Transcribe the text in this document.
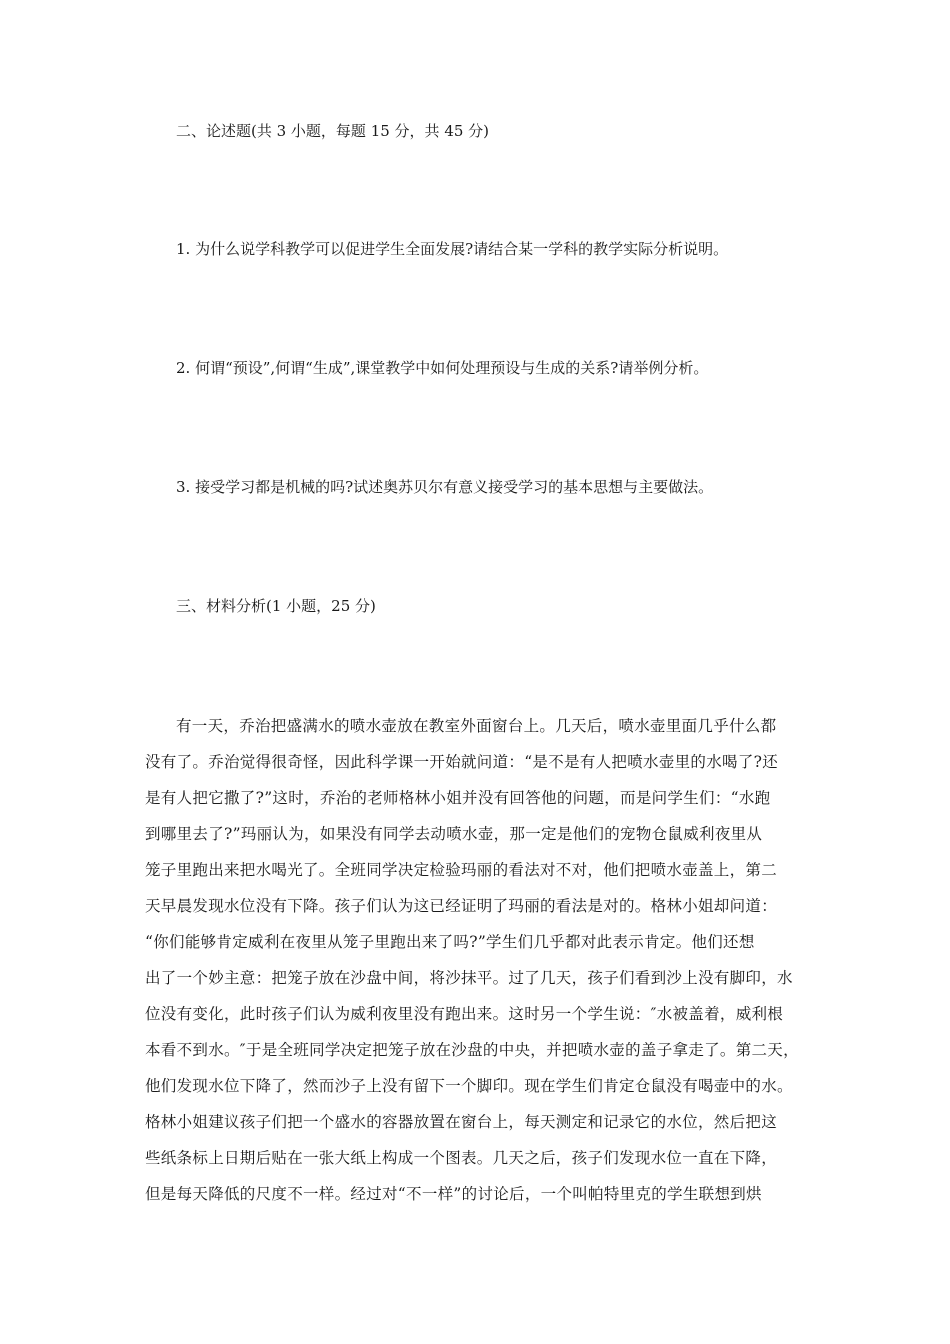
二、论述题(共 3 小题，每题 15 分，共 45 分)
1. 为什么说学科教学可以促进学生全面发展?请结合某一学科的教学实际分析说明。
2. 何谓“预设”,何谓“生成”,课堂教学中如何处理预设与生成的关系?请举例分析。
3. 接受学习都是机械的吗?试述奥苏贝尔有意义接受学习的基本思想与主要做法。
三、材料分析(1 小题，25 分)
有一天，乔治把盛满水的喷水壶放在教室外面窗台上。几天后，喷水壶里面几乎什么都
没有了。乔治觉得很奇怪，因此科学课一开始就问道：“是不是有人把喷水壶里的水喝了?还
是有人把它撒了?”这时，乔治的老师格林小姐并没有回答他的问题，而是问学生们：“水跑
到哪里去了?”玛丽认为，如果没有同学去动喷水壶，那一定是他们的宠物仓鼠威利夜里从
笼子里跑出来把水喝光了。全班同学决定检验玛丽的看法对不对，他们把喷水壶盖上，第二
天早晨发现水位没有下降。孩子们认为这已经证明了玛丽的看法是对的。格林小姐却问道：
“你们能够肯定威利在夜里从笼子里跑出来了吗?”学生们几乎都对此表示肯定。他们还想
出了一个妙主意：把笼子放在沙盘中间，将沙抹平。过了几天，孩子们看到沙上没有脚印，水
位没有变化，此时孩子们认为威利夜里没有跑出来。这时另一个学生说：″水被盖着，威利根
本看不到水。″于是全班同学决定把笼子放在沙盘的中央，并把喷水壶的盖子拿走了。第二天，
他们发现水位下降了，然而沙子上没有留下一个脚印。现在学生们肯定仓鼠没有喝壶中的水。
格林小姐建议孩子们把一个盛水的容器放置在窗台上，每天测定和记录它的水位，然后把这
些纸条标上日期后贴在一张大纸上构成一个图表。几天之后，孩子们发现水位一直在下降，
但是每天降低的尺度不一样。经过对“不一样”的讨论后，一个叫帕特里克的学生联想到烘
